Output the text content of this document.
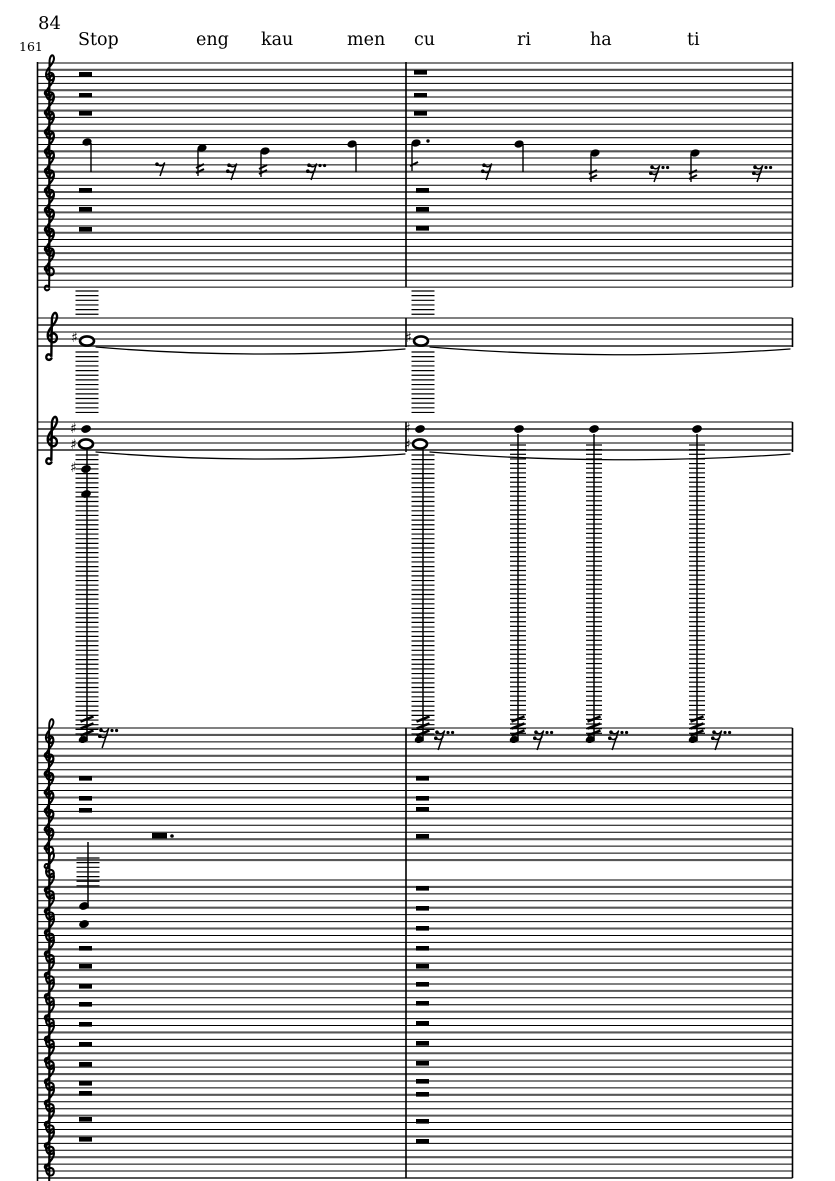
♯	♯
♯
♯
♯
♯
♯
84
161 Stop	eng kau	men cu	ri	ha	ti
